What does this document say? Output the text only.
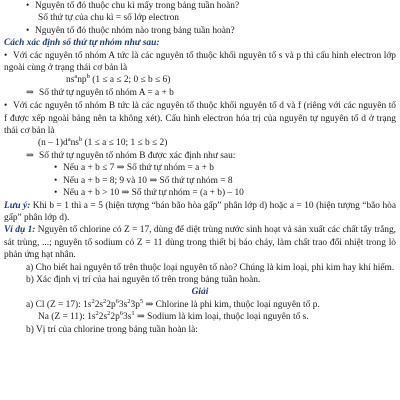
• Nguyên tố đó thuộc chu kì mấy trong bảng tuần hoàn?
Số thứ tự của chu kì = số lớp electron
• Nguyên tố đó thuộc nhóm nào trong bảng tuần hoàn?
Cách xác định số thứ tự nhóm như sau:
• Với các nguyên tố nhóm A tức là các nguyên tố thuộc khối nguyên tố s và p thì cấu hình electron lớp ngoài cùng ở trạng thái cơ bản là
$ns^anp^b$ (1 ≤ a ≤ 2; 0 ≤ b ≤ 6)
⇒ Số thứ tự nguyên tố nhóm A = a + b
• Với các nguyên tố nhóm B tức là các nguyên tố thuộc khối nguyên tố d và f (riêng với các nguyên tố f được xếp ngoài bảng nên ta không xét). Cấu hình electron hóa trị của nguyên tự nguyên tố d ở trạng thái cơ bản là
$(n - 1)d^ans^b$ (1 ≤ a ≤ 10; 1 ≤ b ≤ 2)
⇒ Số thứ tự nguyên tố nhóm B được xác định như sau:
• Nếu a + b ≤ 7 ⇒ Số thứ tự nhóm = a + b
• Nếu a + b = 8; 9 và 10 ⇒ Số thứ tự nhóm = 8
• Nếu a + b > 10 ⇒ Số thứ tự nhóm = (a + b) – 10
Lưu ý: Khi b = 1 thì a = 5 (hiện tượng “bán bão hòa gấp” phân lớp d) hoặc a = 10 (hiện tượng “bão hòa gấp” phân lớp d).
Ví dụ 1: Nguyên tố chlorine có Z = 17, dùng để diệt trùng nước sinh hoạt và sản xuất các chất tẩy trắng, sát trùng, ...; nguyên tố sodium có Z = 11 dùng trong thiết bị báo cháy, làm chất trao đổi nhiệt trong lò phản ứng hạt nhân.
a) Cho biết hai nguyên tố trên thuộc loại nguyên tố nào? Chúng là kim loại, phi kim hay khí hiếm.
b) Xác định vị trí của hai nguyên tố trên trong bảng tuần hoàn.
Giải
a) Cl (Z = 17): $1s^22s^22p^63s^23p^5$ ⇒ Chlorine là phi kim, thuộc loại nguyên tố p.
Na (Z = 11): $1s^22s^22p^63s^1$ ⇒ Sodium là kim loại, thuộc loại nguyên tố s.
b) Vị trí của chlorine trong bảng tuần hoàn là:
